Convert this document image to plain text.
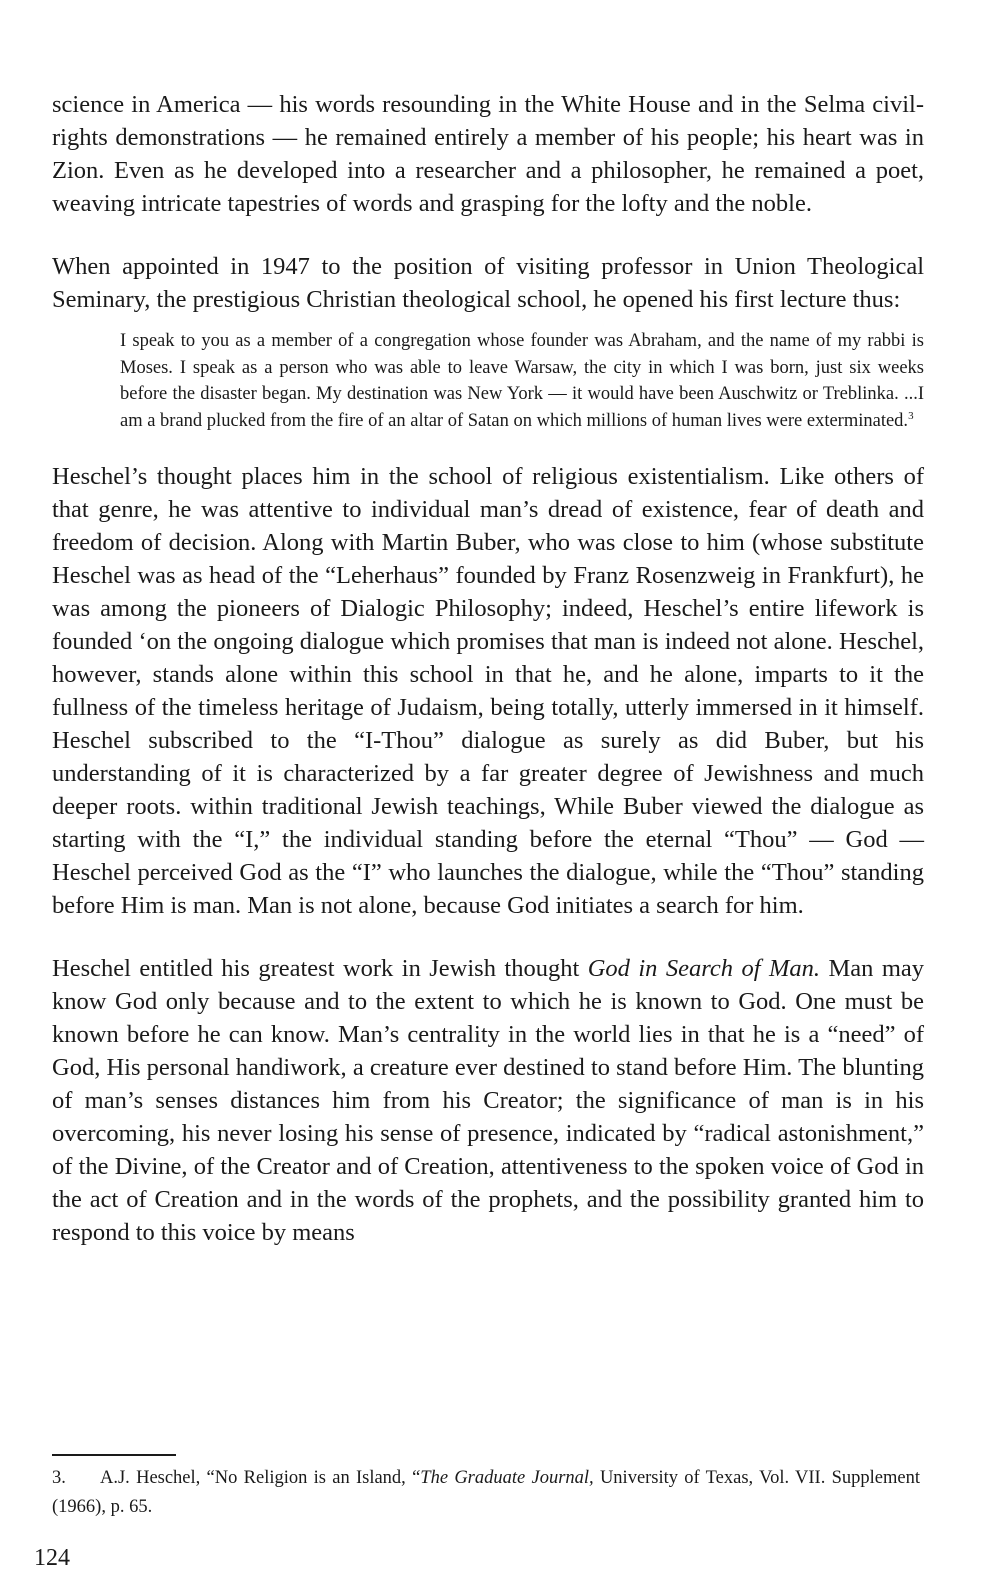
science in America — his words resounding in the White House and in the Selma civil-rights demonstrations — he remained entirely a member of his people; his heart was in Zion. Even as he developed into a researcher and a philosopher, he remained a poet, weaving intricate tapestries of words and grasping for the lofty and the noble.

When appointed in 1947 to the position of visiting professor in Union Theological Seminary, the prestigious Christian theological school, he opened his first lecture thus:

I speak to you as a member of a congregation whose founder was Abraham, and the name of my rabbi is Moses. I speak as a person who was able to leave Warsaw, the city in which I was born, just six weeks before the disaster began. My destination was New York — it would have been Auschwitz or Treblinka. ...I am a brand plucked from the fire of an altar of Satan on which millions of human lives were exterminated.$^3$

Heschel’s thought places him in the school of religious existentialism. Like others of that genre, he was attentive to individual man’s dread of existence, fear of death and freedom of decision. Along with Martin Buber, who was close to him (whose substitute Heschel was as head of the “Leherhaus” founded by Franz Rosenzweig in Frankfurt), he was among the pioneers of Dialogic Philosophy; indeed, Heschel’s entire lifework is founded ‘on the ongoing dialogue which promises that man is indeed not alone. Heschel, however, stands alone within this school in that he, and he alone, imparts to it the fullness of the timeless heritage of Judaism, being totally, utterly immersed in it himself. Heschel subscribed to the “I-Thou” dialogue as surely as did Buber, but his understanding of it is characterized by a far greater degree of Jewishness and much deeper roots. within traditional Jewish teachings, While Buber viewed the dialogue as starting with the “I,” the individual standing before the eternal “Thou” — God — Heschel perceived God as the “I” who launches the dialogue, while the “Thou” standing before Him is man. Man is not alone, because God initiates a search for him.

Heschel entitled his greatest work in Jewish thought God in Search of Man. Man may know God only because and to the extent to which he is known to God. One must be known before he can know. Man’s centrality in the world lies in that he is a “need” of God, His personal handiwork, a creature ever destined to stand before Him. The blunting of man’s senses distances him from his Creator; the significance of man is in his overcoming, his never losing his sense of presence, indicated by “radical astonishment,” of the Divine, of the Creator and of Creation, attentiveness to the spoken voice of God in the act of Creation and in the words of the prophets, and the possibility granted him to respond to this voice by means

3. A.J. Heschel, “No Religion is an Island, “The Graduate Journal, University of Texas, Vol. VII. Supplement (1966), p. 65.
124
